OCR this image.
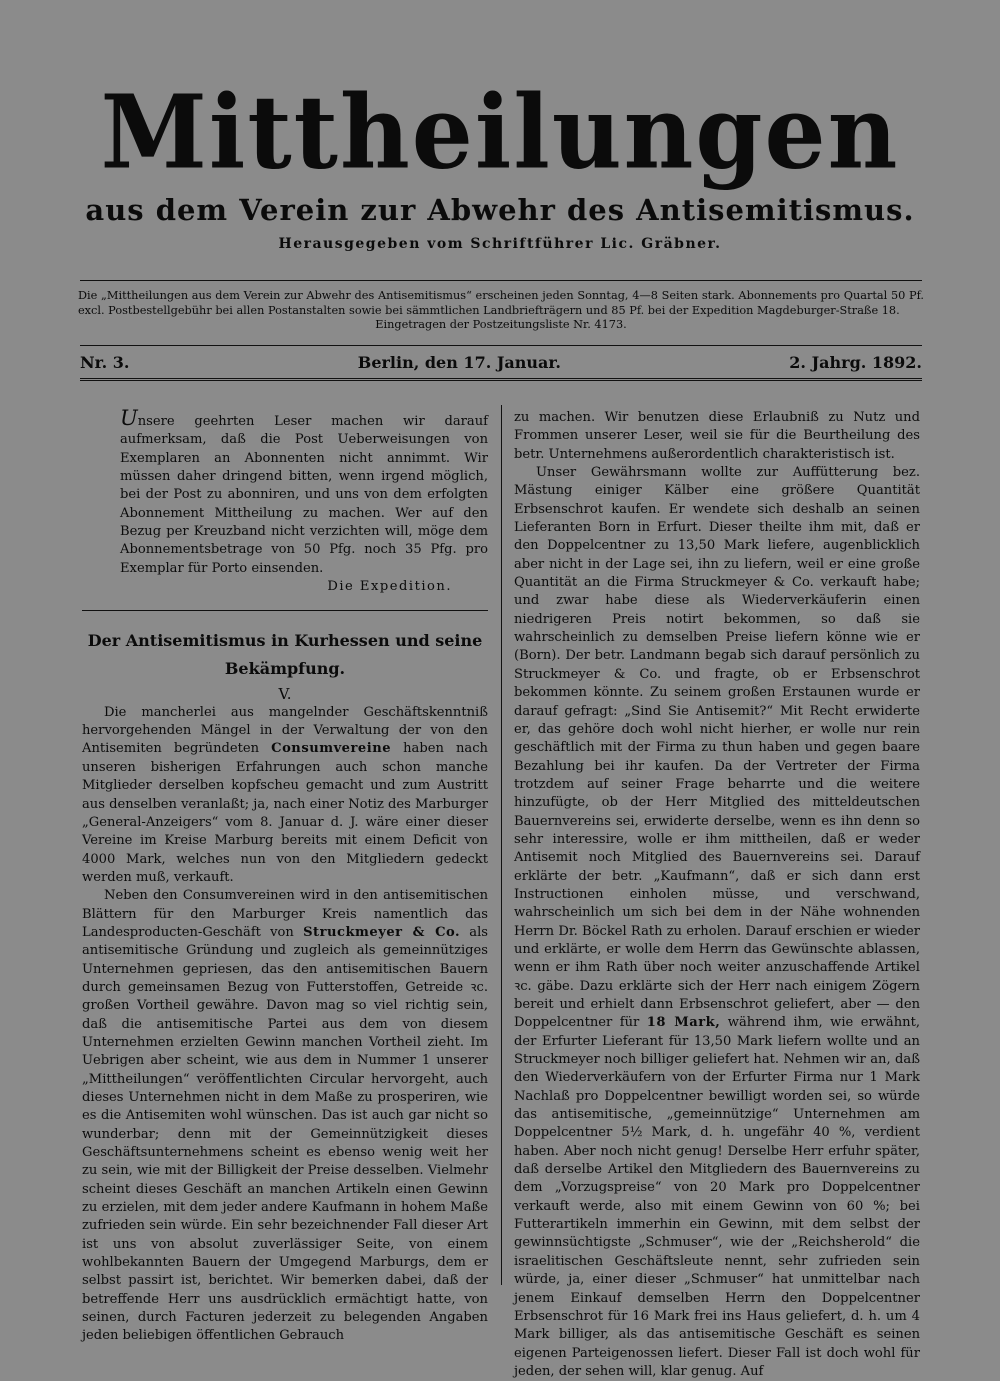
Mittheilungen
aus dem Verein zur Abwehr des Antisemitismus.
Herausgegeben vom Schriftführer Lic. Gräbner.
Die „Mittheilungen aus dem Verein zur Abwehr des Antisemitismus“ erscheinen jeden Sonntag, 4—8 Seiten stark. Abonnements pro Quartal 50 Pf. excl. Postbestellgebühr bei allen Postanstalten sowie bei sämmtlichen Landbriefträgern und 85 Pf. bei der Expedition Magdeburger-Straße 18.
Eingetragen der Postzeitungsliste Nr. 4173.
Nr. 3.	Berlin, den 17. Januar.	2. Jahrg. 1892.

Unsere geehrten Leser machen wir darauf aufmerksam, daß die Post Ueberweisungen von Exemplaren an Abonnenten nicht annimmt. Wir müssen daher dringend bitten, wenn irgend möglich, bei der Post zu abonniren, und uns von dem erfolgten Abonnement Mittheilung zu machen. Wer auf den Bezug per Kreuzband nicht verzichten will, möge dem Abonnementsbetrage von 50 Pfg. noch 35 Pfg. pro Exemplar für Porto einsenden.

Die Expedition.
Der Antisemitismus in Kurhessen und seine
Bekämpfung.
V.

Die mancherlei aus mangelnder Geschäftskenntniß hervorgehenden Mängel in der Verwaltung der von den Antisemiten begründeten Consumvereine haben nach unseren bisherigen Erfahrungen auch schon manche Mitglieder derselben kopfscheu gemacht und zum Austritt aus denselben veranlaßt; ja, nach einer Notiz des Marburger „General-Anzeigers“ vom 8. Januar d. J. wäre einer dieser Vereine im Kreise Marburg bereits mit einem Deficit von 4000 Mark, welches nun von den Mitgliedern gedeckt werden muß, verkauft.

Neben den Consumvereinen wird in den antisemitischen Blättern für den Marburger Kreis namentlich das Landesproducten-Geschäft von Struckmeyer & Co. als antisemitische Gründung und zugleich als gemeinnütziges Unternehmen gepriesen, das den antisemitischen Bauern durch gemeinsamen Bezug von Futterstoffen, Getreide ꝛc. großen Vortheil gewähre. Davon mag so viel richtig sein, daß die antisemitische Partei aus dem von diesem Unternehmen erzielten Gewinn manchen Vortheil zieht. Im Uebrigen aber scheint, wie aus dem in Nummer 1 unserer „Mittheilungen“ veröffentlichten Circular hervorgeht, auch dieses Unternehmen nicht in dem Maße zu prosperiren, wie es die Antisemiten wohl wünschen. Das ist auch gar nicht so wunderbar; denn mit der Gemeinnützigkeit dieses Geschäftsunternehmens scheint es ebenso wenig weit her zu sein, wie mit der Billigkeit der Preise desselben. Vielmehr scheint dieses Geschäft an manchen Artikeln einen Gewinn zu erzielen, mit dem jeder andere Kaufmann in hohem Maße zufrieden sein würde. Ein sehr bezeichnender Fall dieser Art ist uns von absolut zuverlässiger Seite, von einem wohlbekannten Bauern der Umgegend Marburgs, dem er selbst passirt ist, berichtet. Wir bemerken dabei, daß der betreffende Herr uns ausdrücklich ermächtigt hatte, von seinen, durch Facturen jederzeit zu belegenden Angaben jeden beliebigen öffentlichen Gebrauch

zu machen. Wir benutzen diese Erlaubniß zu Nutz und Frommen unserer Leser, weil sie für die Beurtheilung des betr. Unternehmens außerordentlich charakteristisch ist.

Unser Gewährsmann wollte zur Auffütterung bez. Mästung einiger Kälber eine größere Quantität Erbsenschrot kaufen. Er wendete sich deshalb an seinen Lieferanten Born in Erfurt. Dieser theilte ihm mit, daß er den Doppelcentner zu 13,50 Mark liefere, augenblicklich aber nicht in der Lage sei, ihn zu liefern, weil er eine große Quantität an die Firma Struckmeyer & Co. verkauft habe; und zwar habe diese als Wiederverkäuferin einen niedrigeren Preis notirt bekommen, so daß sie wahrscheinlich zu demselben Preise liefern könne wie er (Born). Der betr. Landmann begab sich darauf persönlich zu Struckmeyer & Co. und fragte, ob er Erbsenschrot bekommen könnte. Zu seinem großen Erstaunen wurde er darauf gefragt: „Sind Sie Antisemit?“ Mit Recht erwiderte er, das gehöre doch wohl nicht hierher, er wolle nur rein geschäftlich mit der Firma zu thun haben und gegen baare Bezahlung bei ihr kaufen. Da der Vertreter der Firma trotzdem auf seiner Frage beharrte und die weitere hinzufügte, ob der Herr Mitglied des mitteldeutschen Bauernvereins sei, erwiderte derselbe, wenn es ihn denn so sehr interessire, wolle er ihm mittheilen, daß er weder Antisemit noch Mitglied des Bauernvereins sei. Darauf erklärte der betr. „Kaufmann“, daß er sich dann erst Instructionen einholen müsse, und verschwand, wahrscheinlich um sich bei dem in der Nähe wohnenden Herrn Dr. Böckel Rath zu erholen. Darauf erschien er wieder und erklärte, er wolle dem Herrn das Gewünschte ablassen, wenn er ihm Rath über noch weiter anzuschaffende Artikel ꝛc. gäbe. Dazu erklärte sich der Herr nach einigem Zögern bereit und erhielt dann Erbsenschrot geliefert, aber — den Doppelcentner für 18 Mark, während ihm, wie erwähnt, der Erfurter Lieferant für 13,50 Mark liefern wollte und an Struckmeyer noch billiger geliefert hat. Nehmen wir an, daß den Wiederverkäufern von der Erfurter Firma nur 1 Mark Nachlaß pro Doppelcentner bewilligt worden sei, so würde das antisemitische, „gemeinnützige“ Unternehmen am Doppelcentner 5½ Mark, d. h. ungefähr 40 %, verdient haben. Aber noch nicht genug! Derselbe Herr erfuhr später, daß derselbe Artikel den Mitgliedern des Bauernvereins zu dem „Vorzugspreise“ von 20 Mark pro Doppelcentner verkauft werde, also mit einem Gewinn von 60 %; bei Futterartikeln immerhin ein Gewinn, mit dem selbst der gewinnsüchtigste „Schmuser“, wie der „Reichsherold“ die israelitischen Geschäftsleute nennt, sehr zufrieden sein würde, ja, einer dieser „Schmuser“ hat unmittelbar nach jenem Einkauf demselben Herrn den Doppelcentner Erbsenschrot für 16 Mark frei ins Haus geliefert, d. h. um 4 Mark billiger, als das antisemitische Geschäft es seinen eigenen Parteigenossen liefert. Dieser Fall ist doch wohl für jeden, der sehen will, klar genug. Auf
